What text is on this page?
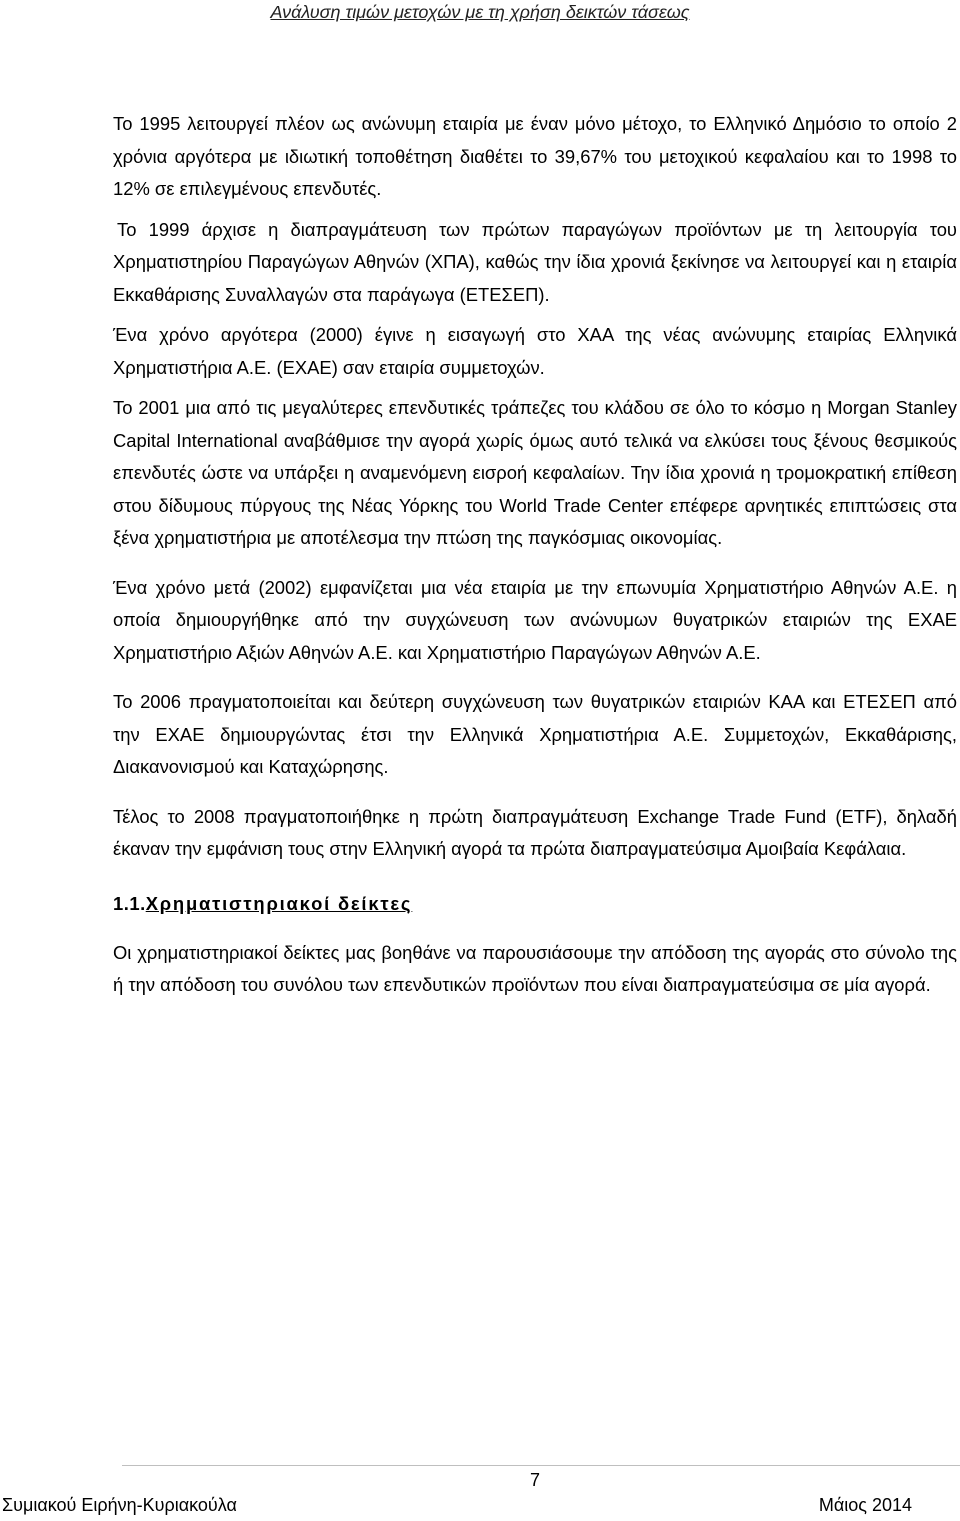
Ανάλυση τιμών μετοχών με τη χρήση δεικτών τάσεως

Το 1995 λειτουργεί πλέον ως ανώνυμη εταιρία με έναν μόνο μέτοχο, το Ελληνικό Δημόσιο το οποίο 2 χρόνια αργότερα με ιδιωτική τοποθέτηση διαθέτει το 39,67% του μετοχικού κεφαλαίου και το 1998 το 12% σε επιλεγμένους επενδυτές.

Το 1999 άρχισε η διαπραγμάτευση των πρώτων παραγώγων προϊόντων με τη λειτουργία του Χρηματιστηρίου Παραγώγων Αθηνών (ΧΠΑ), καθώς την ίδια χρονιά ξεκίνησε να λειτουργεί και η εταιρία Εκκαθάρισης Συναλλαγών στα παράγωγα (ΕΤΕΣΕΠ).

Ένα χρόνο αργότερα (2000) έγινε η εισαγωγή στο ΧΑΑ της νέας ανώνυμης εταιρίας Ελληνικά Χρηματιστήρια Α.Ε. (ΕΧΑΕ) σαν εταιρία συμμετοχών.

Το 2001 μια από τις μεγαλύτερες επενδυτικές τράπεζες του κλάδου σε όλο το κόσμο η Morgan Stanley Capital International αναβάθμισε την αγορά χωρίς όμως αυτό τελικά να ελκύσει τους ξένους θεσμικούς επενδυτές ώστε να υπάρξει η αναμενόμενη εισροή κεφαλαίων. Την ίδια χρονιά η τρομοκρατική επίθεση στου δίδυμους πύργους της Νέας Υόρκης του World Trade Center επέφερε αρνητικές επιπτώσεις στα ξένα χρηματιστήρια με αποτέλεσμα την πτώση της παγκόσμιας οικονομίας.

Ένα χρόνο μετά (2002) εμφανίζεται μια νέα εταιρία με την επωνυμία Χρηματιστήριο Αθηνών Α.Ε. η οποία δημιουργήθηκε από την συγχώνευση των ανώνυμων θυγατρικών εταιριών της ΕΧΑΕ Χρηματιστήριο Αξιών Αθηνών Α.Ε. και Χρηματιστήριο Παραγώγων Αθηνών Α.Ε.

Το 2006 πραγματοποιείται και δεύτερη συγχώνευση των θυγατρικών εταιριών ΚΑΑ και ΕΤΕΣΕΠ από την ΕΧΑΕ δημιουργώντας έτσι την Ελληνικά Χρηματιστήρια Α.Ε. Συμμετοχών, Εκκαθάρισης, Διακανονισμού και Καταχώρησης.

Τέλος το 2008 πραγματοποιήθηκε η πρώτη διαπραγμάτευση Exchange Trade Fund (ETF), δηλαδή έκαναν την εμφάνιση τους στην Ελληνική αγορά τα πρώτα διαπραγματεύσιμα Αμοιβαία Κεφάλαια.

1.1.Χρηματιστηριακοί δείκτες

Οι χρηματιστηριακοί δείκτες μας βοηθάνε να παρουσιάσουμε την απόδοση της αγοράς στο σύνολο της ή την απόδοση του συνόλου των επενδυτικών προϊόντων που είναι διαπραγματεύσιμα σε μία αγορά.

7
Συμιακού Ειρήνη-Κυριακούλα	Μάιος 2014
